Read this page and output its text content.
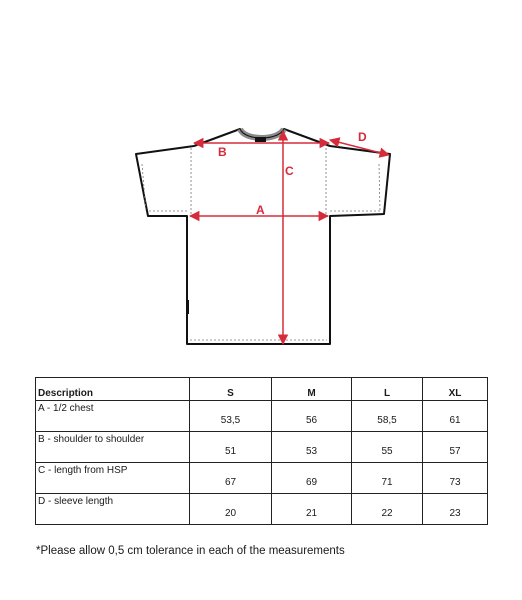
A
B
C
D
Description	S	M	L	XL
A - 1/2 chest	53,5	56	58,5	61
B - shoulder to shoulder	51	53	55	57
C - length from HSP	67	69	71	73
D - sleeve length	20	21	22	23
*Please allow 0,5 cm tolerance in each of the measurements
